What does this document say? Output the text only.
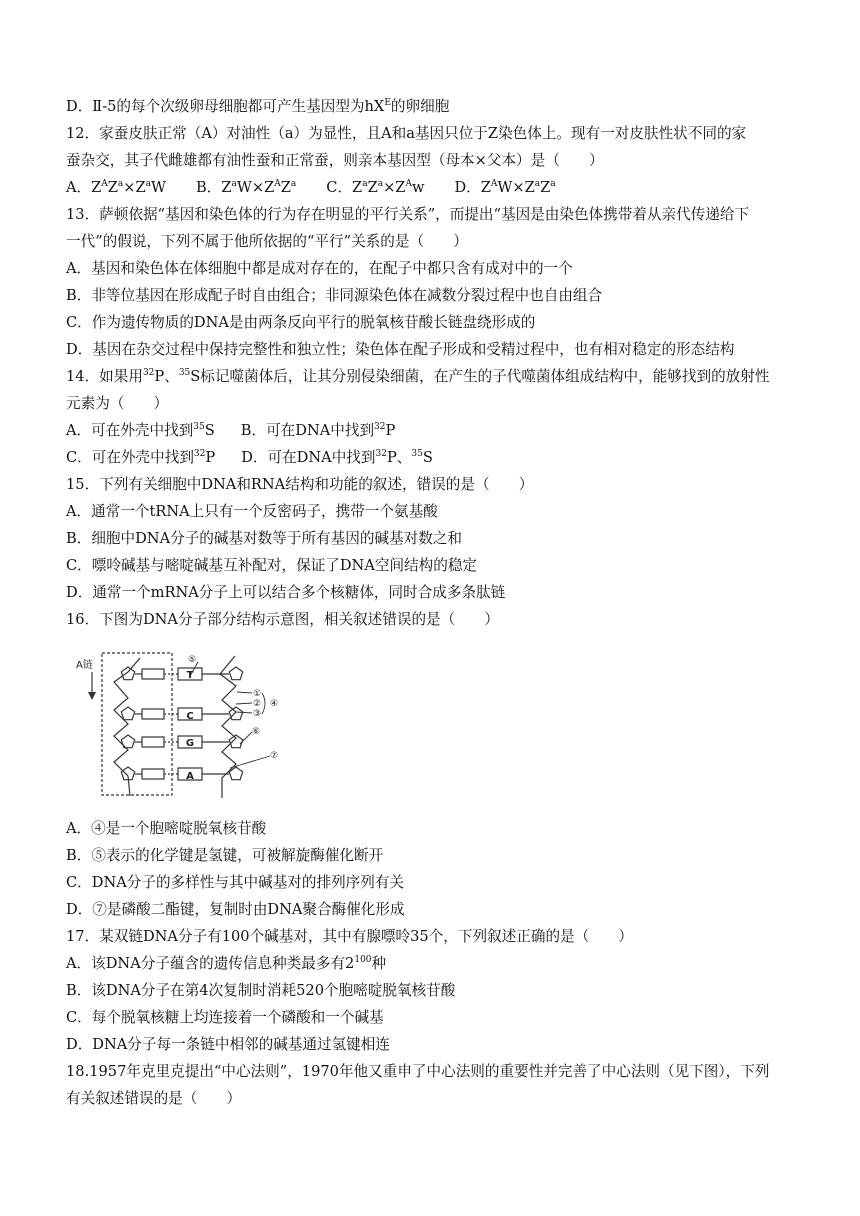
D．Ⅱ-5的每个次级卵母细胞都可产生基因型为$hX^E$的卵细胞
12．家蚕皮肤正常（A）对油性（a）为显性，且A和a基因只位于Z染色体上。现有一对皮肤性状不同的家
蚕杂交，其子代雌雄都有油性蚕和正常蚕，则亲本基因型（母本×父本）是（　　）
A．$Z^AZ^a\times Z^aW$ B．$Z^aW\times Z^AZ^a$ C．$Z^aZ^a\times Z^Aw$ D．$Z^AW\times Z^aZ^a$
13．萨顿依据“基因和染色体的行为存在明显的平行关系”，而提出“基因是由染色体携带着从亲代传递给下
一代”的假说，下列不属于他所依据的“平行”关系的是（　　）
A．基因和染色体在体细胞中都是成对存在的，在配子中都只含有成对中的一个
B．非等位基因在形成配子时自由组合；非同源染色体在减数分裂过程中也自由组合
C．作为遗传物质的DNA是由两条反向平行的脱氧核苷酸长链盘绕形成的
D．基因在杂交过程中保持完整性和独立性；染色体在配子形成和受精过程中，也有相对稳定的形态结构
14．如果用$^{32}$P、$^{35}$S标记噬菌体后，让其分别侵染细菌，在产生的子代噬菌体组成结构中，能够找到的放射性
元素为（　　）
A．可在外壳中找到$^{35}$S B．可在DNA中找到$^{32}$P
C．可在外壳中找到$^{32}$P D．可在DNA中找到$^{32}$P、$^{35}$S
15．下列有关细胞中DNA和RNA结构和功能的叙述，错误的是（　　）
A．通常一个tRNA上只有一个反密码子，携带一个氨基酸
B．细胞中DNA分子的碱基对数等于所有基因的碱基对数之和
C．嘌呤碱基与嘧啶碱基互补配对，保证了DNA空间结构的稳定
D．通常一个mRNA分子上可以结合多个核糖体，同时合成多条肽链
16．下图为DNA分子部分结构示意图，相关叙述错误的是（　　）
A链	⑤
①
②
③
④
⑥
⑦
T
C
G
A
A．④是一个胞嘧啶脱氧核苷酸
B．⑤表示的化学键是氢键，可被解旋酶催化断开
C．DNA分子的多样性与其中碱基对的排列序列有关
D．⑦是磷酸二酯键，复制时由DNA聚合酶催化形成
17．某双链DNA分子有100个碱基对，其中有腺嘌呤35个，下列叙述正确的是（　　）
A．该DNA分子蕴含的遗传信息种类最多有$2^{100}$种
B．该DNA分子在第4次复制时消耗520个胞嘧啶脱氧核苷酸
C．每个脱氧核糖上均连接着一个磷酸和一个碱基
D．DNA分子每一条链中相邻的碱基通过氢键相连
18.1957年克里克提出“中心法则”，1970年他又重申了中心法则的重要性并完善了中心法则（见下图），下列
有关叙述错误的是（　　）
